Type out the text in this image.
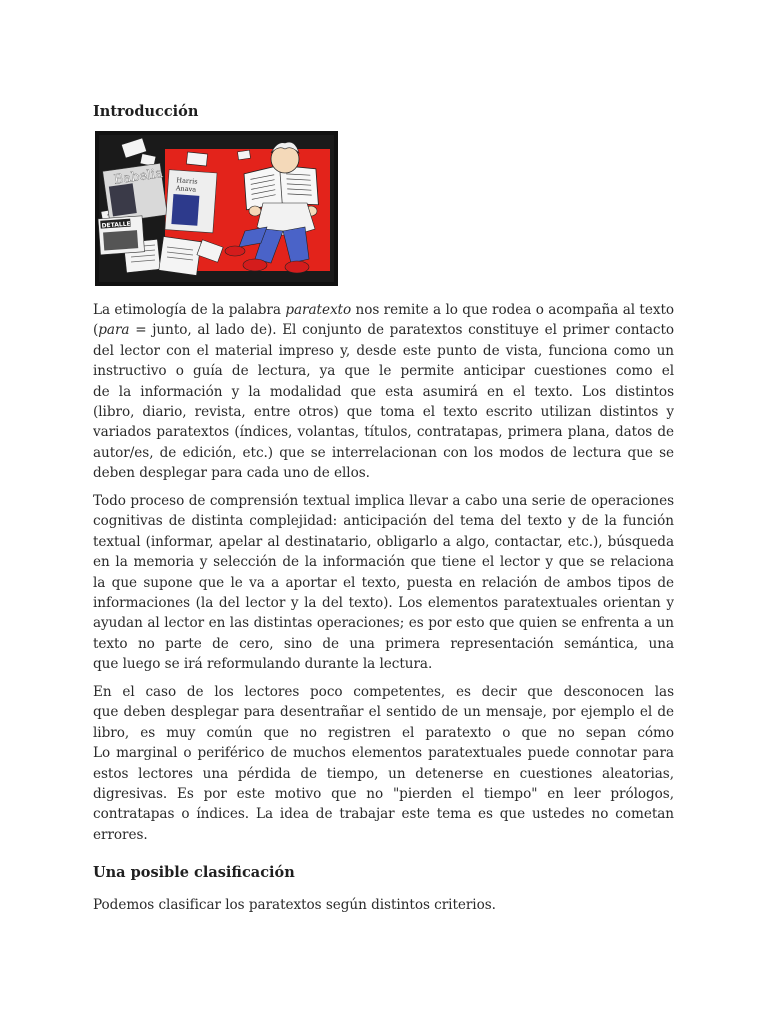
Introducción
Babelia Harris
Anava
DETALLE

La etimología de la palabra paratexto nos remite a lo que rodea o acompaña al texto
(para = junto, al lado de). El conjunto de paratextos constituye el primer contacto
del lector con el material impreso y, desde este punto de vista, funciona como un
instructivo o guía de lectura, ya que le permite anticipar cuestiones como el
de la información y la modalidad que esta asumirá en el texto. Los distintos
(libro, diario, revista, entre otros) que toma el texto escrito utilizan distintos y
variados paratextos (índices, volantas, títulos, contratapas, primera plana, datos de
autor/es, de edición, etc.) que se interrelacionan con los modos de lectura que se
deben desplegar para cada uno de ellos.

Todo proceso de comprensión textual implica llevar a cabo una serie de operaciones
cognitivas de distinta complejidad: anticipación del tema del texto y de la función
textual (informar, apelar al destinatario, obligarlo a algo, contactar, etc.), búsqueda
en la memoria y selección de la información que tiene el lector y que se relaciona
la que supone que le va a aportar el texto, puesta en relación de ambos tipos de
informaciones (la del lector y la del texto). Los elementos paratextuales orientan y
ayudan al lector en las distintas operaciones; es por esto que quien se enfrenta a un
texto no parte de cero, sino de una primera representación semántica, una
que luego se irá reformulando durante la lectura.

En el caso de los lectores poco competentes, es decir que desconocen las
que deben desplegar para desentrañar el sentido de un mensaje, por ejemplo el de
libro, es muy común que no registren el paratexto o que no sepan cómo
Lo marginal o periférico de muchos elementos paratextuales puede connotar para
estos lectores una pérdida de tiempo, un detenerse en cuestiones aleatorias,
digresivas. Es por este motivo que no "pierden el tiempo" en leer prólogos,
contratapas o índices. La idea de trabajar este tema es que ustedes no cometan
errores.

Una posible clasificación

Podemos clasificar los paratextos según distintos criterios.
